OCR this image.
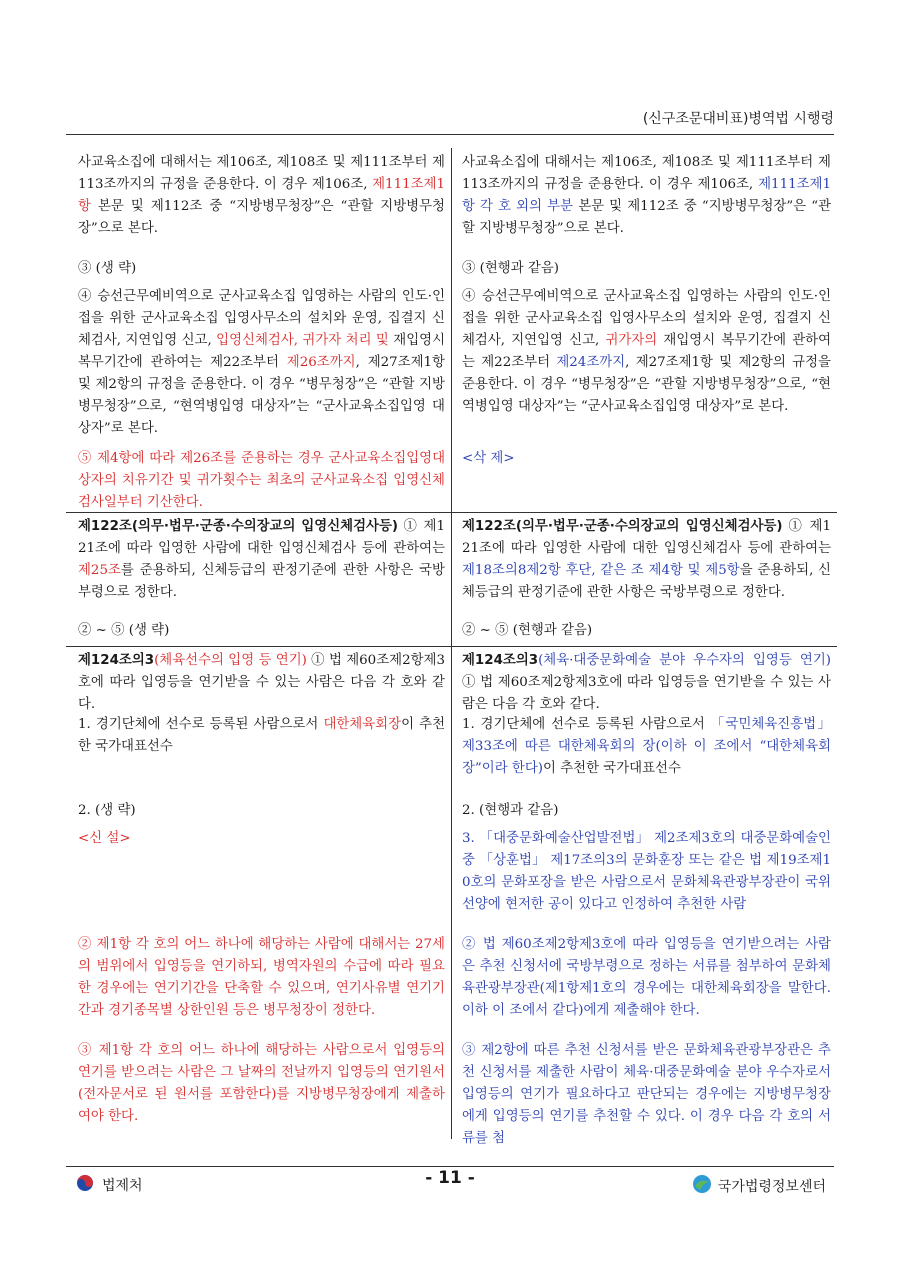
(신구조문대비표)병역법 시행령
사교육소집에 대해서는 제106조, 제108조 및 제111조부터 제113조까지의 규정을 준용한다. 이 경우 제106조, 제111조제1항 본문 및 제112조 중 “지방병무청장”은 “관할 지방병무청장”으로 본다.
③ (생 략)
④ 승선근무예비역으로 군사교육소집 입영하는 사람의 인도·인접을 위한 군사교육소집 입영사무소의 설치와 운영, 집결지 신체검사, 지연입영 신고, 입영신체검사, 귀가자 처리 및 재입영시 복무기간에 관하여는 제22조부터 제26조까지, 제27조제1항 및 제2항의 규정을 준용한다. 이 경우 “병무청장”은 “관할 지방병무청장”으로, “현역병입영 대상자”는 “군사교육소집입영 대상자”로 본다.
⑤ 제4항에 따라 제26조를 준용하는 경우 군사교육소집입영대상자의 치유기간 및 귀가횟수는 최초의 군사교육소집 입영신체검사일부터 기산한다.
제122조(의무·법무·군종·수의장교의 입영신체검사등) ① 제121조에 따라 입영한 사람에 대한 입영신체검사 등에 관하여는 제25조를 준용하되, 신체등급의 판정기준에 관한 사항은 국방부령으로 정한다.
② ~ ⑤ (생 략)
제124조의3(체육선수의 입영 등 연기) ① 법 제60조제2항제3호에 따라 입영등을 연기받을 수 있는 사람은 다음 각 호와 같다.
1. 경기단체에 선수로 등록된 사람으로서 대한체육회장이 추천한 국가대표선수
2. (생 략)
<신 설>
② 제1항 각 호의 어느 하나에 해당하는 사람에 대해서는 27세의 범위에서 입영등을 연기하되, 병역자원의 수급에 따라 필요한 경우에는 연기기간을 단축할 수 있으며, 연기사유별 연기기간과 경기종목별 상한인원 등은 병무청장이 정한다.
③ 제1항 각 호의 어느 하나에 해당하는 사람으로서 입영등의 연기를 받으려는 사람은 그 날짜의 전날까지 입영등의 연기원서(전자문서로 된 원서를 포함한다)를 지방병무청장에게 제출하여야 한다.
사교육소집에 대해서는 제106조, 제108조 및 제111조부터 제113조까지의 규정을 준용한다. 이 경우 제106조, 제111조제1항 각 호 외의 부분 본문 및 제112조 중 “지방병무청장”은 “관할 지방병무청장”으로 본다.
③ (현행과 같음)
④ 승선근무예비역으로 군사교육소집 입영하는 사람의 인도·인접을 위한 군사교육소집 입영사무소의 설치와 운영, 집결지 신체검사, 지연입영 신고, 귀가자의 재입영시 복무기간에 관하여는 제22조부터 제24조까지, 제27조제1항 및 제2항의 규정을 준용한다. 이 경우 “병무청장”은 “관할 지방병무청장”으로, “현역병입영 대상자”는 “군사교육소집입영 대상자”로 본다.
<삭 제>
제122조(의무·법무·군종·수의장교의 입영신체검사등) ① 제121조에 따라 입영한 사람에 대한 입영신체검사 등에 관하여는 제18조의8제2항 후단, 같은 조 제4항 및 제5항을 준용하되, 신체등급의 판정기준에 관한 사항은 국방부령으로 정한다.
② ~ ⑤ (현행과 같음)
제124조의3(체육·대중문화예술 분야 우수자의 입영등 연기) ① 법 제60조제2항제3호에 따라 입영등을 연기받을 수 있는 사람은 다음 각 호와 같다.
1. 경기단체에 선수로 등록된 사람으로서 「국민체육진흥법」 제33조에 따른 대한체육회의 장(이하 이 조에서 “대한체육회장”이라 한다)이 추천한 국가대표선수
2. (현행과 같음)
3. 「대중문화예술산업발전법」 제2조제3호의 대중문화예술인 중 「상훈법」 제17조의3의 문화훈장 또는 같은 법 제19조제10호의 문화포장을 받은 사람으로서 문화체육관광부장관이 국위선양에 현저한 공이 있다고 인정하여 추천한 사람
② 법 제60조제2항제3호에 따라 입영등을 연기받으려는 사람은 추천 신청서에 국방부령으로 정하는 서류를 첨부하여 문화체육관광부장관(제1항제1호의 경우에는 대한체육회장을 말한다. 이하 이 조에서 같다)에게 제출해야 한다.
③ 제2항에 따른 추천 신청서를 받은 문화체육관광부장관은 추천 신청서를 제출한 사람이 체육·대중문화예술 분야 우수자로서 입영등의 연기가 필요하다고 판단되는 경우에는 지방병무청장에게 입영등의 연기를 추천할 수 있다. 이 경우 다음 각 호의 서류를 첨
법제처	- 11 -	국가법령정보센터
